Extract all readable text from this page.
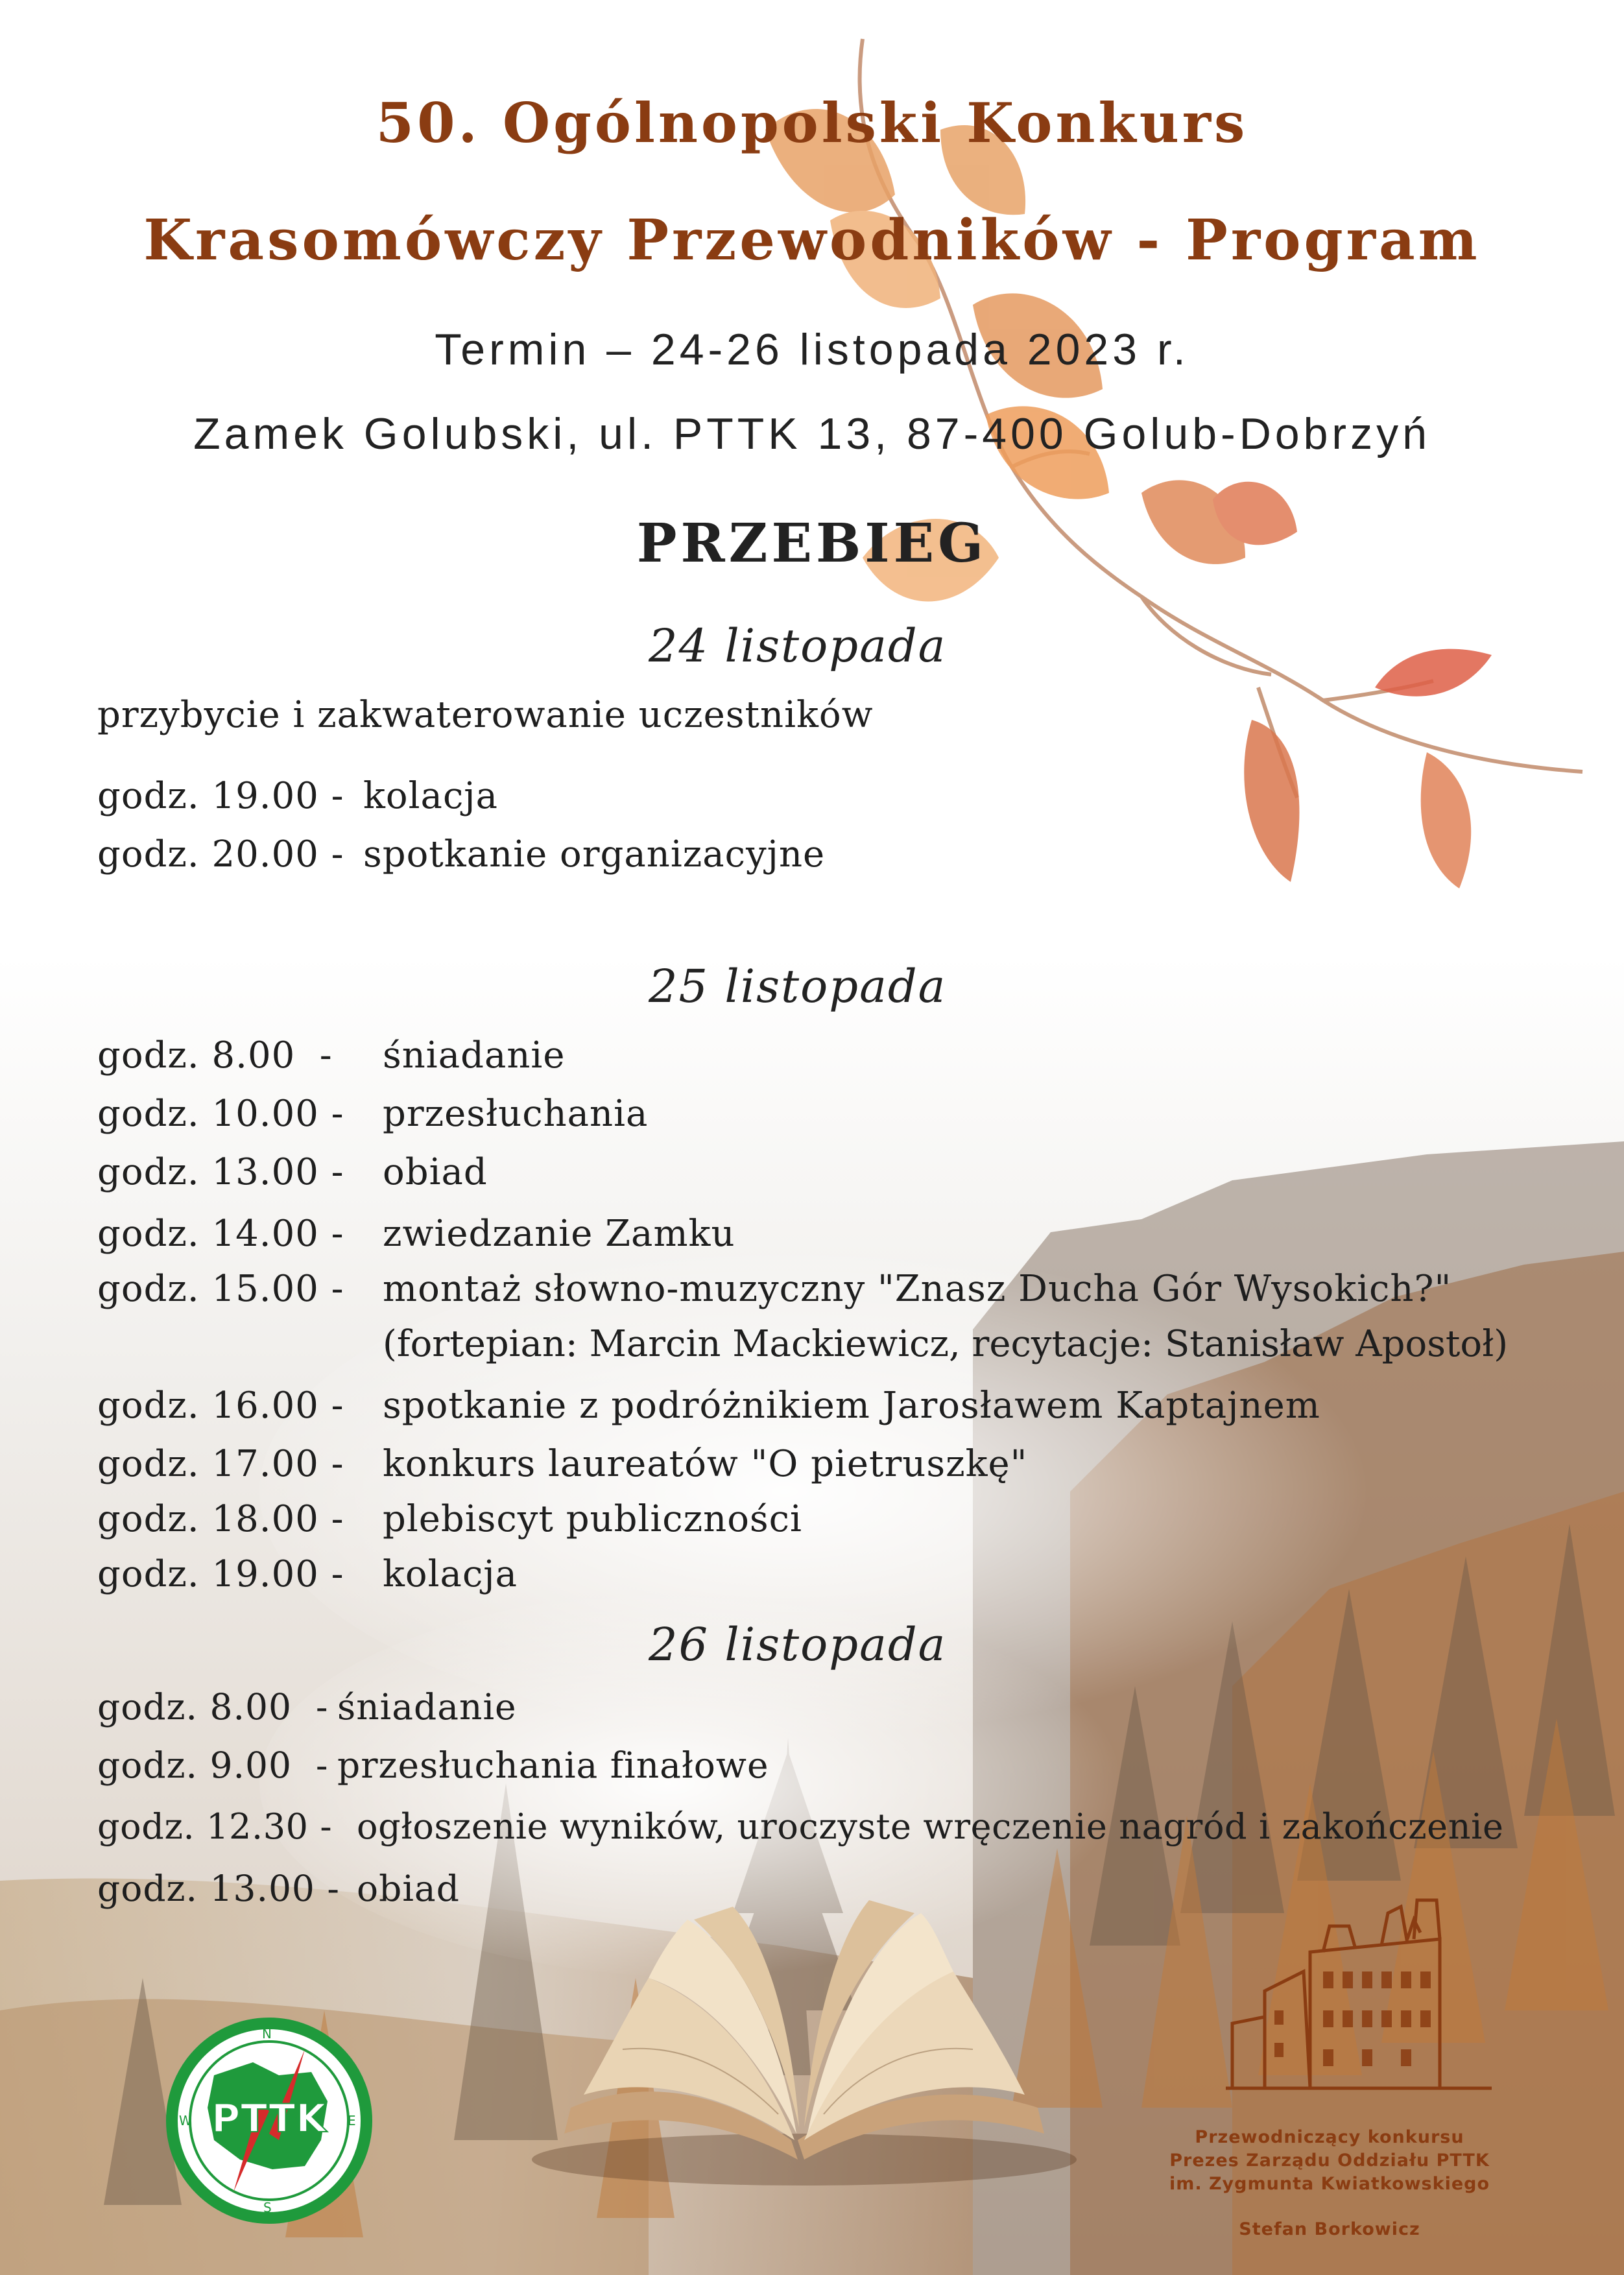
50. Ogólnopolski Konkurs
Krasomówczy Przewodników - Program
Termin – 24-26 listopada 2023 r.
Zamek Golubski, ul. PTTK 13, 87-400 Golub-Dobrzyń
PRZEBIEG
24 listopada
przybycie i zakwaterowanie uczestników
godz. 19.00 - kolacja
godz. 20.00 - spotkanie organizacyjne
25 listopada
godz. 8.00  - śniadanie
godz. 10.00 - przesłuchania
godz. 13.00 - obiad
godz. 14.00 - zwiedzanie Zamku
godz. 15.00 - montaż słowno-muzyczny "Znasz Ducha Gór Wysokich?"
(fortepian: Marcin Mackiewicz, recytacje: Stanisław Apostoł)
godz. 16.00 - spotkanie z podróżnikiem Jarosławem Kaptajnem
godz. 17.00 - konkurs laureatów "O pietruszkę"
godz. 18.00 - plebiscyt publiczności
godz. 19.00 - kolacja
26 listopada
godz. 8.00  - śniadanie
godz. 9.00  - przesłuchania finałowe
godz. 12.30 - ogłoszenie wyników, uroczyste wręczenie nagród i zakończenie
godz. 13.00 - obiad
PTTK
N
E
S
W
Przewodniczący konkursu
Prezes Zarządu Oddziału PTTK
im. Zygmunta Kwiatkowskiego
Stefan Borkowicz
